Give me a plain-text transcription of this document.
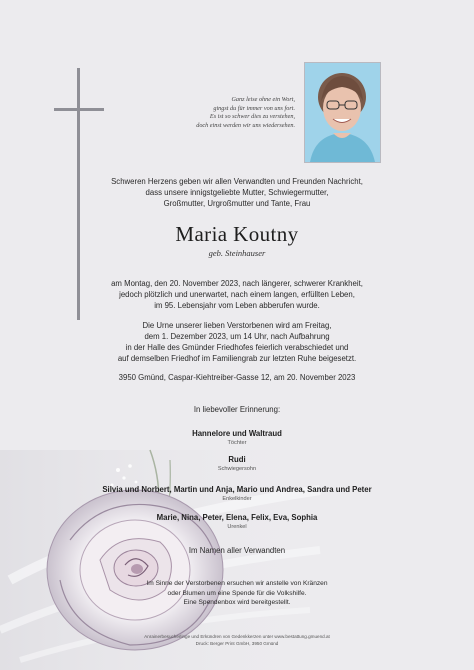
Ganz leise ohne ein Wort,
gingst du für immer von uns fort.
Es ist so schwer dies zu verstehen,
doch einst werden wir uns wiedersehen.
Schweren Herzens geben wir allen Verwandten und Freunden Nachricht,
dass unsere innigstgeliebte Mutter, Schwiegermutter,
Großmutter, Urgroßmutter und Tante, Frau
Maria Koutny
geb. Steinhauser
am Montag, den 20. November 2023, nach längerer, schwerer Krankheit,
jedoch plötzlich und unerwartet, nach einem langen, erfüllten Leben,
im 95. Lebensjahr vom Leben abberufen wurde.
Die Urne unserer lieben Verstorbenen wird am Freitag,
dem 1. Dezember 2023, um 14 Uhr, nach Aufbahrung
in der Halle des Gmünder Friedhofes feierlich verabschiedet und
auf demselben Friedhof im Familiengrab zur letzten Ruhe beigesetzt.
3950 Gmünd, Caspar-Kiehtreiber-Gasse 12, am 20. November 2023
In liebevoller Erinnerung:
Hannelore und Waltraud
Töchter
Rudi
Schwiegersohn
Silvia und Norbert, Martin und Anja, Mario und Andrea, Sandra und Peter
Enkelkinder
Marie, Nina, Peter, Elena, Felix, Eva, Sophia
Urenkel
Im Namen aller Verwandten
Im Sinne der Verstorbenen ersuchen wir anstelle von Kränzen
oder Blumen um eine Spende für die Volkshilfe.
Eine Spendenbox wird bereitgestellt.
Anrainerbesucherlinge und Erkündren von Gedenkkerzen unter www.bestattung.gmuend.at
Druck: Berger Print GmbH, 3950 Gmünd
